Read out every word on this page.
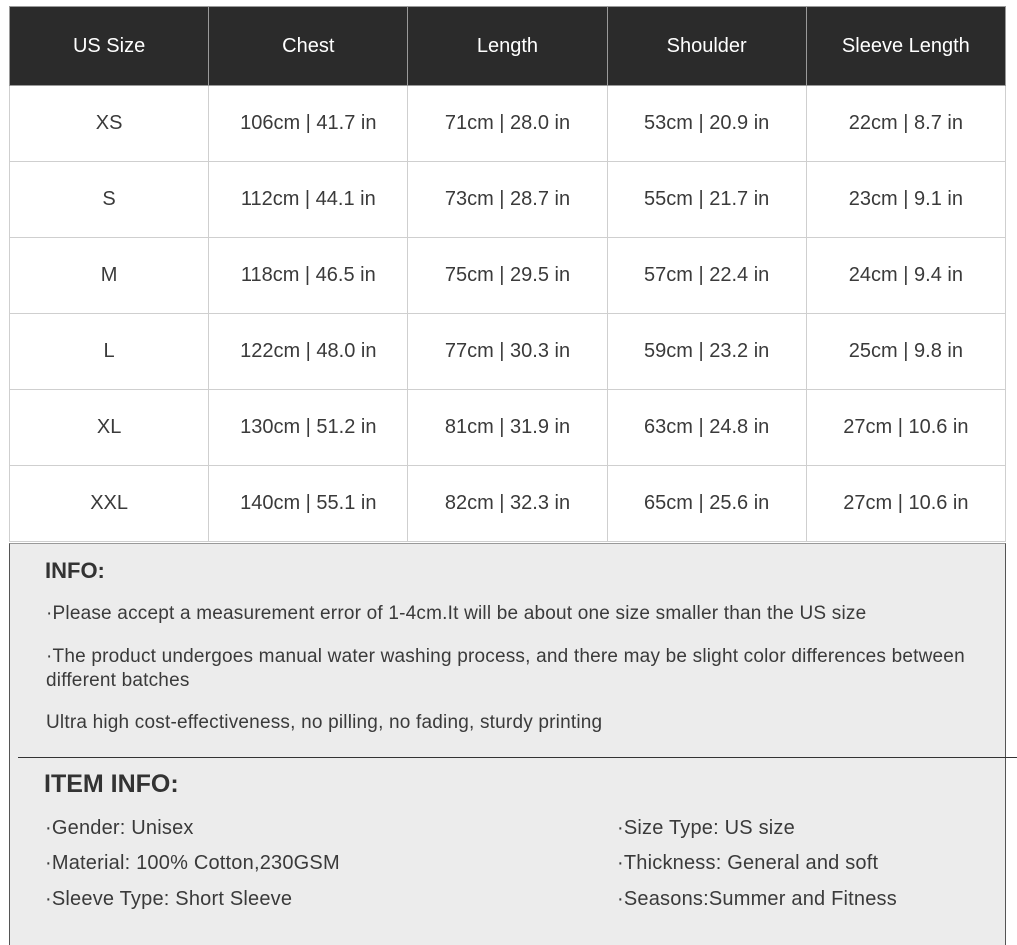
US Size	Chest	Length	Shoulder	Sleeve Length
XS	106cm | 41.7 in	71cm | 28.0 in	53cm | 20.9 in	22cm | 8.7 in
S	112cm | 44.1 in	73cm | 28.7 in	55cm | 21.7 in	23cm | 9.1 in
M	118cm | 46.5 in	75cm | 29.5 in	57cm | 22.4 in	24cm | 9.4 in
L	122cm | 48.0 in	77cm | 30.3 in	59cm | 23.2 in	25cm | 9.8 in
XL	130cm | 51.2 in	81cm | 31.9 in	63cm | 24.8 in	27cm | 10.6 in
XXL	140cm | 55.1 in	82cm | 32.3 in	65cm | 25.6 in	27cm | 10.6 in
INFO:
·Please accept a measurement error of 1-4cm.It will be about one size smaller than the US size
·The product undergoes manual water washing process, and there may be slight color differences between different batches
Ultra high cost-effectiveness, no pilling, no fading, sturdy printing
ITEM INFO:
·Gender: Unisex
·Material: 100% Cotton,230GSM
·Sleeve Type: Short Sleeve
·Size Type: US size
·Thickness: General and soft
·Seasons:Summer and Fitness
